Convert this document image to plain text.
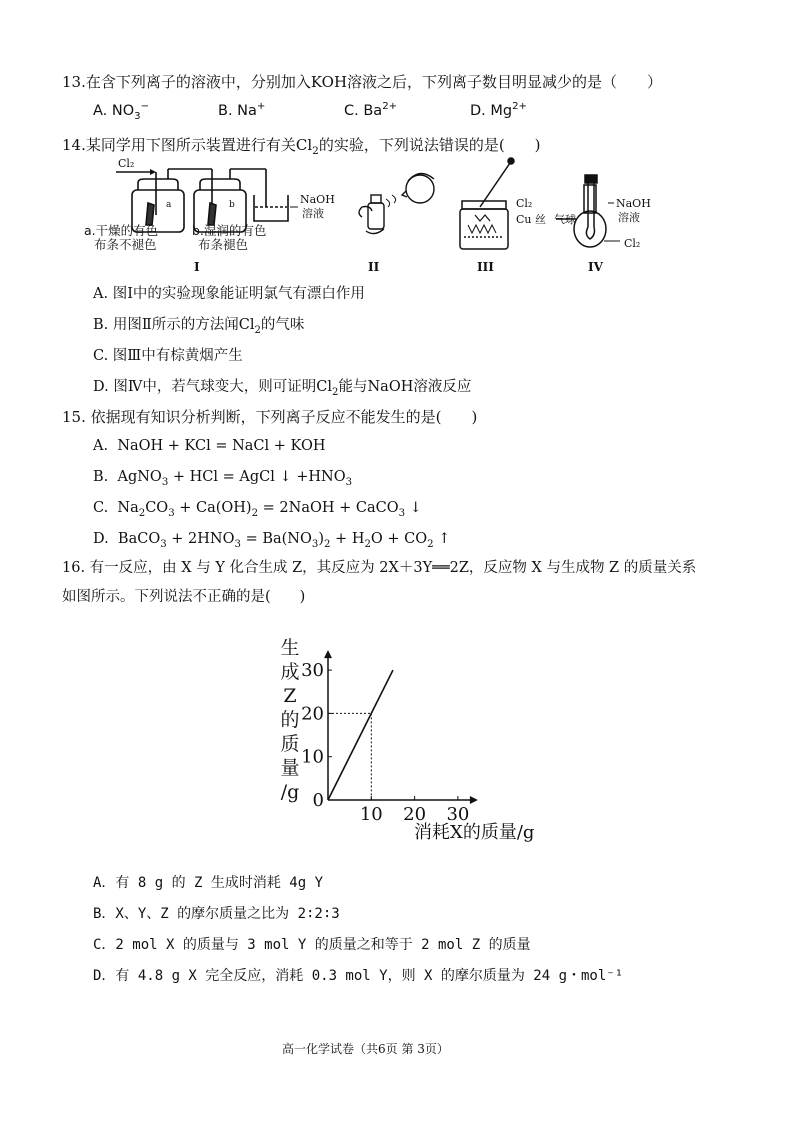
13.在含下列离子的溶液中，分别加入KOH溶液之后，下列离子数目明显减少的是（　　）
A. $NO_3^-$	B. Na+	C. $Ba^{2+}$	D. $Mg^{2+}$
14.某同学用下图所示装置进行有关$Cl_2$的实验，下列说法错误的是(　　)
Cl₂
a	b	NaOH
溶液
a.干燥的有色
布条不褪色
b.湿润的有色
布条褪色
I	II
Cl₂
Cu 丝 气球
III
NaOH
溶液
Cl₂
IV
A. 图Ⅰ中的实验现象能证明氯气有漂白作用
B. 用图Ⅱ所示的方法闻$Cl_2$的气味
C. 图Ⅲ中有棕黄烟产生
D. 图Ⅳ中，若气球变大，则可证明$Cl_2$能与NaOH溶液反应
15. 依据现有知识分析判断，下列离子反应不能发生的是(　　)
A. NaOH + KCl = NaCl + KOH
B.  AgNO$_3$ + HCl = AgCl ↓ $+HNO_3$
C.  $Na_2CO_3 + Ca(OH)_2$ = 2NaOH + CaCO$_3$ ↓
D.  BaCO$_3$ + $2HNO_3 = Ba(NO_3)_2 + H_2O + CO_2$ ↑
16. 有一反应，由 X 与 Y 化合生成 Z，其反应为 2X＋3Y══2Z，反应物 X 与生成物 Z 的质量关系
如图所示。下列说法不正确的是(　　)
生
成
Z
的
质
量
/g 0
10
20
30
10 20 30
消耗X的质量/g
A．有 8 g 的 Z 生成时消耗 4g Y
B．X、Y、Z 的摩尔质量之比为 2∶2∶3
C．2 mol X 的质量与 3 mol Y 的质量之和等于 2 mol Z 的质量
D．有 4.8 g X 完全反应，消耗 0.3 mol Y，则 X 的摩尔质量为 24 g・mol⁻¹
高一化学试卷（共6页 第 3页）
